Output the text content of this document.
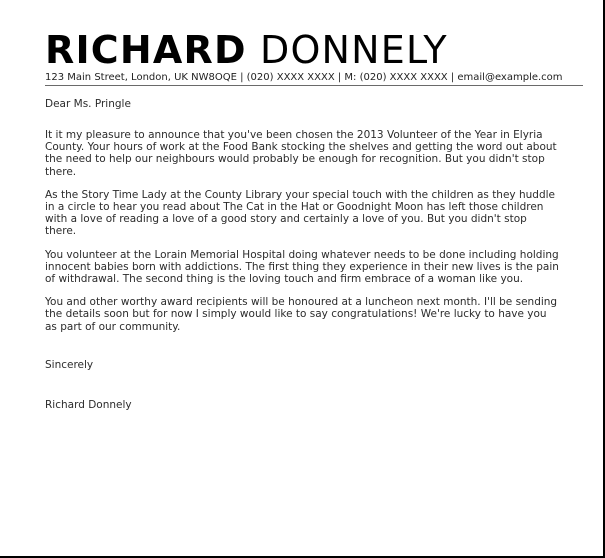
RICHARD DONNELY
123 Main Street, London, UK NW8OQE | (020) XXXX XXXX | M: (020) XXXX XXXX | email@example.com
Dear Ms. Pringle

It it my pleasure to announce that you've been chosen the 2013 Volunteer of the Year in Elyria County. Your hours of work at the Food Bank stocking the shelves and getting the word out about the need to help our neighbours would probably be enough for recognition. But you didn't stop there.

As the Story Time Lady at the County Library your special touch with the children as they huddle in a circle to hear you read about The Cat in the Hat or Goodnight Moon has left those children with a love of reading a love of a good story and certainly a love of you. But you didn't stop there.

You volunteer at the Lorain Memorial Hospital doing whatever needs to be done including holding innocent babies born with addictions. The first thing they experience in their new lives is the pain of withdrawal. The second thing is the loving touch and firm embrace of a woman like you.

You and other worthy award recipients will be honoured at a luncheon next month. I'll be sending the details soon but for now I simply would like to say congratulations! We're lucky to have you as part of our community.

Sincerely
Richard Donnely
